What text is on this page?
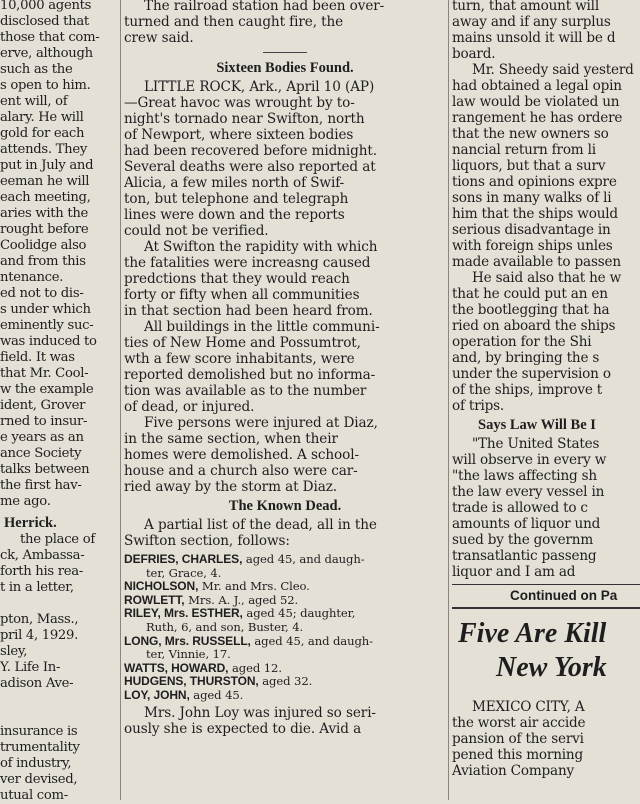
10,000 agents
disclosed that
those that com-
erve, although
such as the
s open to him.
ent will, of
alary. He will
gold for each
attends. They
put in July and
eeman he will
each meeting,
aries with the
rought before
Coolidge also
and from this
ntenance.
ed not to dis-
s under which
eminently suc-
was induced to
field. It was
that Mr. Cool-
w the example
ident, Grover
rned to insur-
e years as an
ance Society
talks between
the first hav-
me ago.
Herrick.
the place of
ck, Ambassa-
forth his rea-
t in a letter,

pton, Mass.,
pril 4, 1929.
sley,
Y. Life In-
adison Ave-

insurance is
trumentality
of industry,
ver devised,
utual com-
The railroad station had been over-
turned and then caught fire, the
crew said.
Sixteen Bodies Found.
LITTLE ROCK, Ark., April 10 (AP)
—Great havoc was wrought by to-
night's tornado near Swifton, north
of Newport, where sixteen bodies
had been recovered before midnight.
Several deaths were also reported at
Alicia, a few miles north of Swif-
ton, but telephone and telegraph
lines were down and the reports
could not be verified.
At Swifton the rapidity with which
the fatalities were increasng caused
predctions that they would reach
forty or fifty when all communities
in that section had been heard from.
All buildings in the little communi-
ties of New Home and Possumtrot,
wth a few score inhabitants, were
reported demolished but no informa-
tion was available as to the number
of dead, or injured.
Five persons were injured at Diaz,
in the same section, when their
homes were demolished. A school-
house and a church also were car-
ried away by the storm at Diaz.
The Known Dead.
A partial list of the dead, all in the
Swifton section, follows:
DEFRIES, CHARLES, aged 45, and daugh-
ter, Grace, 4.
NICHOLSON, Mr. and Mrs. Cleo.
ROWLETT, Mrs. A. J., aged 52.
RILEY, Mrs. ESTHER, aged 45; daughter,
Ruth, 6, and son, Buster, 4.
LONG, Mrs. RUSSELL, aged 45, and daugh-
ter, Vinnie, 17.
WATTS, HOWARD, aged 12.
HUDGENS, THURSTON, aged 32.
LOY, JOHN, aged 45.
Mrs. John Loy was injured so seri-
ously she is expected to die. Avid a
turn, that amount will
away and if any surplus
mains unsold it will be d
board.
Mr. Sheedy said yesterd
had obtained a legal opin
law would be violated un
rangement he has ordere
that the new owners so
nancial return from li
liquors, but that a surv
tions and opinions expre
sons in many walks of li
him that the ships would
serious disadvantage in
with foreign ships unles
made available to passen
He said also that he w
that he could put an en
the bootlegging that ha
ried on aboard the ships
operation for the Shi
and, by bringing the s
under the supervision o
of the ships, improve t
of trips.
Says Law Will Be I
"The United States
will observe in every w
"the laws affecting sh
the law every vessel in
trade is allowed to c
amounts of liquor und
sued by the governm
transatlantic passeng
liquor and I am ad
Continued on Pa
Five Are Kill
New York
MEXICO CITY, A
the worst air accide
pansion of the servi
pened this morning
Aviation Company
